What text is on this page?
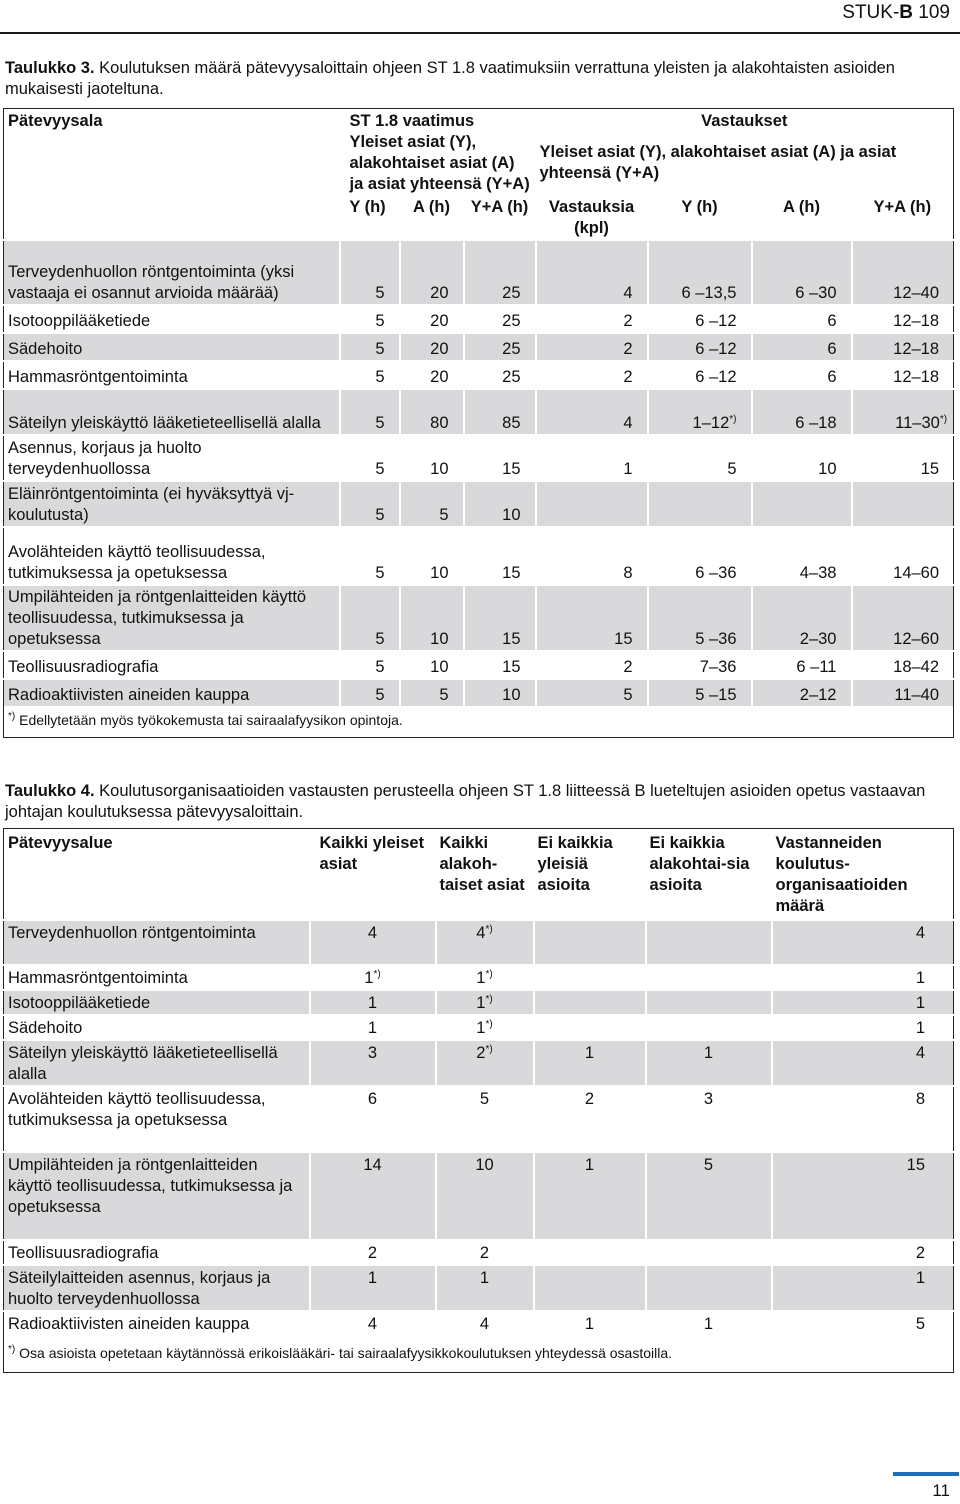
STUK-B 109
Taulukko 3. Koulutuksen määrä pätevyysaloittain ohjeen ST 1.8 vaatimuksiin verrattuna yleisten ja alakohtaisten asioiden mukaisesti jaoteltuna.
Pätevyysala	ST 1.8 vaatimus Yleiset asiat (Y), alakohtaiset asiat (A) ja asiat yhteensä (Y+A)			Vastaukset
Yleiset asiat (Y), alakohtaiset asiat (A) ja asiat yhteensä (Y+A)			

	Y (h)	A (h)	Y+A (h)	Vastauksia (kpl)	Y (h)	A (h)	Y+A (h)
Terveydenhuollon röntgentoiminta (yksi vastaaja ei osannut arvioida määrää)	5	20	25	4	6 –13,5	6 –30	12–40
Isotooppilääketiede	5	20	25	2	6 –12	6	12–18
Sädehoito	5	20	25	2	6 –12	6	12–18
Hammasröntgentoiminta	5	20	25	2	6 –12	6	12–18
Säteilyn yleiskäyttö lääketieteellisellä alalla	5	80	85	4	1–12*)	6 –18	11–30*)
Asennus, korjaus ja huolto terveydenhuollossa	5	10	15	1	5	10	15
Eläinröntgentoiminta (ei hyväksyttyä vj-koulutusta)	5	5	10				
Avolähteiden käyttö teollisuudessa, tutkimuksessa ja opetuksessa	5	10	15	8	6 –36	4–38	14–60
Umpilähteiden ja röntgenlaitteiden käyttö teollisuudessa, tutkimuksessa ja opetuksessa	5	10	15	15	5 –36	2–30	12–60
Teollisuusradiografia	5	10	15	2	7–36	6 –11	18–42
Radioaktiivisten aineiden kauppa	5	5	10	5	5 –15	2–12	11–40
*) Edellytetään myös työkokemusta tai sairaalafyysikon opintoja.							
Taulukko 4. Koulutusorganisaatioiden vastausten perusteella ohjeen ST 1.8 liitteessä B lueteltujen asioiden opetus vastaavan johtajan koulutuksessa pätevyysaloittain.
Pätevyysalue	Kaikki yleiset asiat	Kaikki alakoh-taiset asiat	Ei kaikkia yleisiä asioita	Ei kaikkia alakohtai-sia asioita	Vastanneiden koulutus-organisaatioiden määrä
Terveydenhuollon röntgentoiminta	4	4*)			4
Hammasröntgentoiminta	1*)	1*)			1
Isotooppilääketiede	1	1*)			1
Sädehoito	1	1*)			1
Säteilyn yleiskäyttö lääketieteellisellä alalla	3	2*)	1	1	4
Avolähteiden käyttö teollisuudessa, tutkimuksessa ja opetuksessa	6	5	2	3	8
Umpilähteiden ja röntgenlaitteiden käyttö teollisuudessa, tutkimuksessa ja opetuksessa	14	10	1	5	15
Teollisuusradiografia	2	2			2
Säteilylaitteiden asennus, korjaus ja huolto terveydenhuollossa	1	1			1
Radioaktiivisten aineiden kauppa	4	4	1	1	5
*) Osa asioista opetetaan käytännössä erikoislääkäri- tai sairaalafyysikkokoulutuksen yhteydessä osastoilla.					
11
